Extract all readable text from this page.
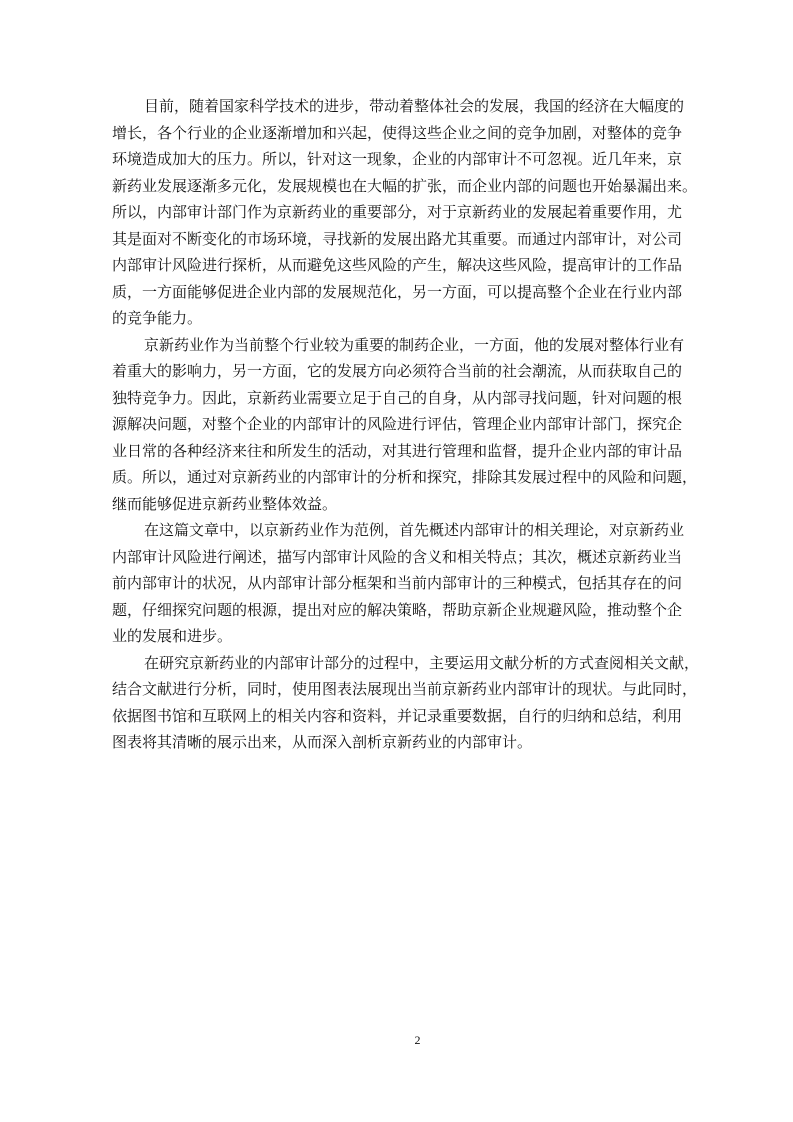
目前，随着国家科学技术的进步，带动着整体社会的发展，我国的经济在大幅度的
增长，各个行业的企业逐渐增加和兴起，使得这些企业之间的竞争加剧，对整体的竞争
环境造成加大的压力。所以，针对这一现象，企业的内部审计不可忽视。近几年来，京
新药业发展逐渐多元化，发展规模也在大幅的扩张，而企业内部的问题也开始暴漏出来。
所以，内部审计部门作为京新药业的重要部分，对于京新药业的发展起着重要作用，尤
其是面对不断变化的市场环境，寻找新的发展出路尤其重要。而通过内部审计，对公司
内部审计风险进行探析，从而避免这些风险的产生，解决这些风险，提高审计的工作品
质，一方面能够促进企业内部的发展规范化，另一方面，可以提高整个企业在行业内部
的竞争能力。
京新药业作为当前整个行业较为重要的制药企业，一方面，他的发展对整体行业有
着重大的影响力，另一方面，它的发展方向必须符合当前的社会潮流，从而获取自己的
独特竞争力。因此，京新药业需要立足于自己的自身，从内部寻找问题，针对问题的根
源解决问题，对整个企业的内部审计的风险进行评估，管理企业内部审计部门，探究企
业日常的各种经济来往和所发生的活动，对其进行管理和监督，提升企业内部的审计品
质。所以，通过对京新药业的内部审计的分析和探究，排除其发展过程中的风险和问题，
继而能够促进京新药业整体效益。
在这篇文章中，以京新药业作为范例，首先概述内部审计的相关理论，对京新药业
内部审计风险进行阐述，描写内部审计风险的含义和相关特点；其次，概述京新药业当
前内部审计的状况，从内部审计部分框架和当前内部审计的三种模式，包括其存在的问
题，仔细探究问题的根源，提出对应的解决策略，帮助京新企业规避风险，推动整个企
业的发展和进步。
在研究京新药业的内部审计部分的过程中，主要运用文献分析的方式查阅相关文献，
结合文献进行分析，同时，使用图表法展现出当前京新药业内部审计的现状。与此同时，
依据图书馆和互联网上的相关内容和资料，并记录重要数据，自行的归纳和总结，利用
图表将其清晰的展示出来，从而深入剖析京新药业的内部审计。
2
